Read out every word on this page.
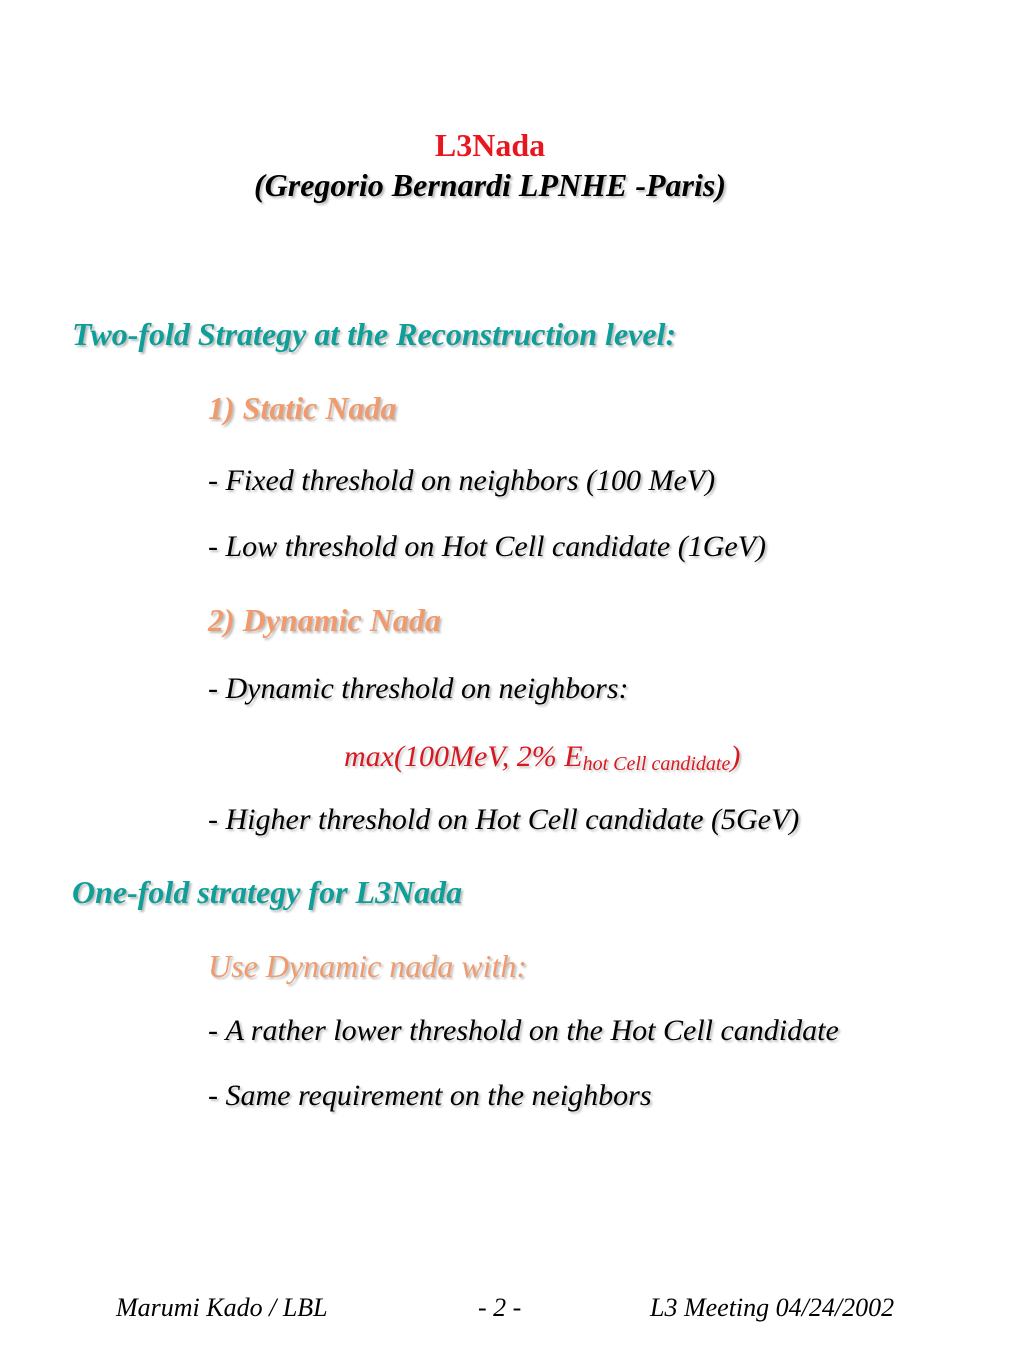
L3Nada
(Gregorio Bernardi LPNHE -Paris)
Two-fold Strategy at the Reconstruction level:
1) Static Nada
- Fixed threshold on neighbors (100 MeV)
- Low threshold on Hot Cell candidate (1GeV)
2) Dynamic Nada
- Dynamic threshold on neighbors:
max(100MeV, 2% $E_{hot Cell candidate}$)
- Higher threshold on Hot Cell candidate (5GeV)
One-fold strategy for L3Nada
Use Dynamic nada with:
- A rather lower threshold on the Hot Cell candidate
- Same requirement on the neighbors
Marumi Kado / LBL	- 2 -	L3 Meeting 04/24/2002
